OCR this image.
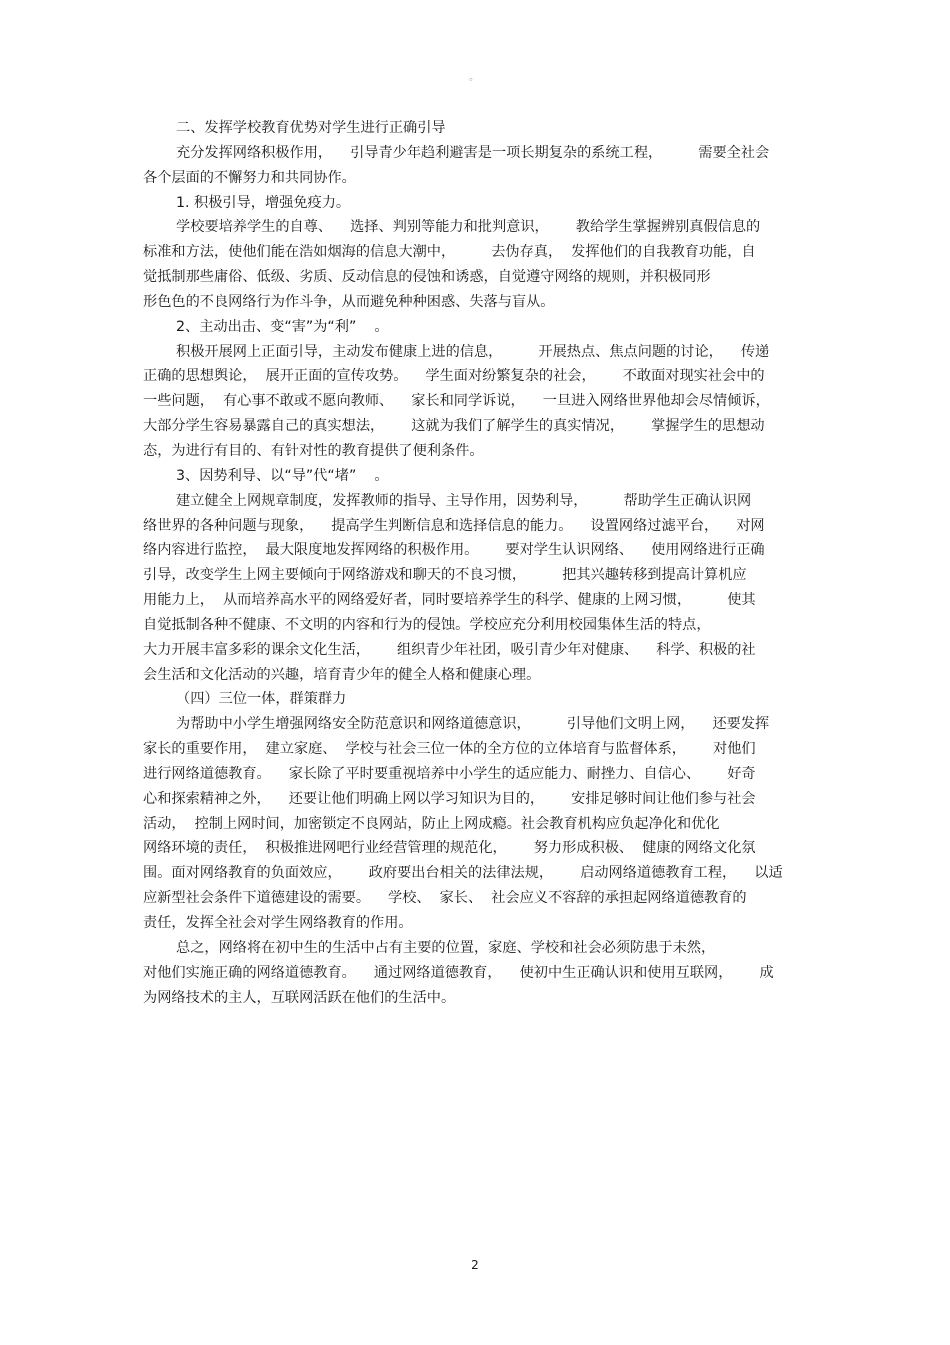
。
二、发挥学校教育优势对学生进行正确引导
充分发挥网络积极作用，    引导青少年趋利避害是一项长期复杂的系统工程，        需要全社会
各个层面的不懈努力和共同协作。
1. 积极引导，增强免疫力。
学校要培养学生的自尊、    选择、判别等能力和批判意识，      教给学生掌握辨别真假信息的
标准和方法，使他们能在浩如烟海的信息大潮中，        去伪存真，  发挥他们的自我教育功能，自
觉抵制那些庸俗、低级、劣质、反动信息的侵蚀和诱惑，自觉遵守网络的规则，并积极同形
形色色的不良网络行为作斗争，从而避免种种困惑、失落与盲从。
2、主动出击、变“害”为“利”    。
积极开展网上正面引导，主动发布健康上进的信息，        开展热点、焦点问题的讨论，    传递
正确的思想舆论，  展开正面的宣传攻势。    学生面对纷繁复杂的社会，      不敢面对现实社会中的
一些问题，  有心事不敢或不愿向教师、    家长和同学诉说，    一旦进入网络世界他却会尽情倾诉，
大部分学生容易暴露自己的真实想法，      这就为我们了解学生的真实情况，      掌握学生的思想动
态，为进行有目的、有针对性的教育提供了便利条件。
3、因势利导、以“导”代“堵”    。
建立健全上网规章制度，发挥教师的指导、主导作用，因势利导，        帮助学生正确认识网
络世界的各种问题与现象，    提高学生判断信息和选择信息的能力。    设置网络过滤平台，    对网
络内容进行监控，  最大限度地发挥网络的积极作用。      要对学生认识网络、    使用网络进行正确
引导，改变学生上网主要倾向于网络游戏和聊天的不良习惯，        把其兴趣转移到提高计算机应
用能力上，  从而培养高水平的网络爱好者，同时要培养学生的科学、健康的上网习惯，        使其
自觉抵制各种不健康、不文明的内容和行为的侵蚀。学校应充分利用校园集体生活的特点，
大力开展丰富多彩的课余文化生活，      组织青少年社团，吸引青少年对健康、    科学、积极的社
会生活和文化活动的兴趣，培育青少年的健全人格和健康心理。
（四）三位一体，群策群力
为帮助中小学生增强网络安全防范意识和网络道德意识，        引导他们文明上网，    还要发挥
家长的重要作用，  建立家庭、  学校与社会三位一体的全方位的立体培育与监督体系，      对他们
进行网络道德教育。    家长除了平时要重视培养中小学生的适应能力、耐挫力、自信心、      好奇
心和探索精神之外，    还要让他们明确上网以学习知识为目的，      安排足够时间让他们参与社会
活动，  控制上网时间，加密锁定不良网站，防止上网成瘾。社会教育机构应负起净化和优化
网络环境的责任，  积极推进网吧行业经营管理的规范化，      努力形成积极、  健康的网络文化氛
围。面对网络教育的负面效应，      政府要出台相关的法律法规，      启动网络道德教育工程，    以适
应新型社会条件下道德建设的需要。    学校、  家长、  社会应义不容辞的承担起网络道德教育的
责任，发挥全社会对学生网络教育的作用。
总之，网络将在初中生的生活中占有主要的位置，家庭、学校和社会必须防患于未然，
对他们实施正确的网络道德教育。    通过网络道德教育，    使初中生正确认识和使用互联网，      成
为网络技术的主人，互联网活跃在他们的生活中。
2
